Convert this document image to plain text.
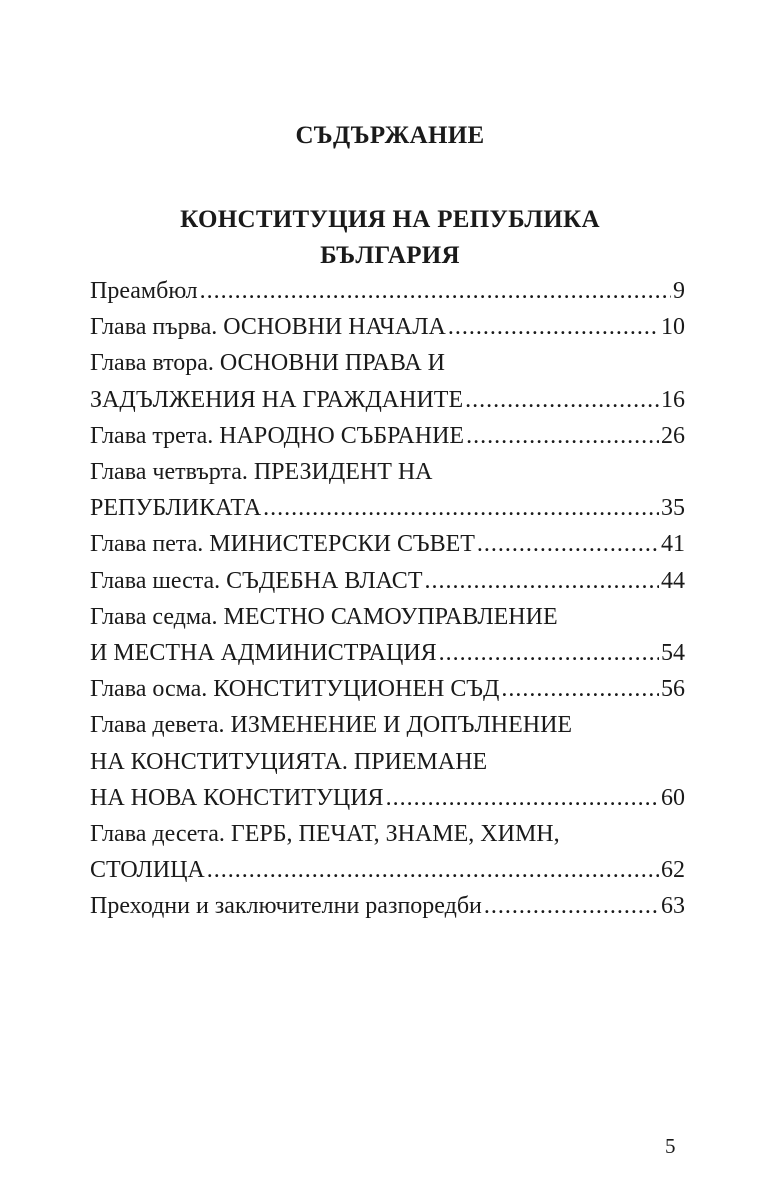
СЪДЪРЖАНИЕ
КОНСТИТУЦИЯ НА РЕПУБЛИКА
БЪЛГАРИЯ
Преамбюл .....	9
Глава първа. ОСНОВНИ НАЧАЛА .....	10
Глава втора. ОСНОВНИ ПРАВА И
ЗАДЪЛЖЕНИЯ НА ГРАЖДАНИТЕ .....	16
Глава трета. НАРОДНО СЪБРАНИЕ .....	26
Глава четвърта. ПРЕЗИДЕНТ НА
РЕПУБЛИКАТА .....	35
Глава пета. МИНИСТЕРСКИ СЪВЕТ .....	41
Глава шеста. СЪДЕБНА ВЛАСТ .....	44
Глава седма. МЕСТНО САМОУПРАВЛЕНИЕ
И МЕСТНА АДМИНИСТРАЦИЯ .....	54
Глава осма. КОНСТИТУЦИОНЕН СЪД .....	56
Глава девета. ИЗМЕНЕНИЕ И ДОПЪЛНЕНИЕ
НА КОНСТИТУЦИЯТА. ПРИЕМАНЕ
НА НОВА КОНСТИТУЦИЯ .....	60
Глава десета. ГЕРБ, ПЕЧАТ, ЗНАМЕ, ХИМН,
СТОЛИЦА .....	62
Преходни и заключителни разпоредби .....	63
5
